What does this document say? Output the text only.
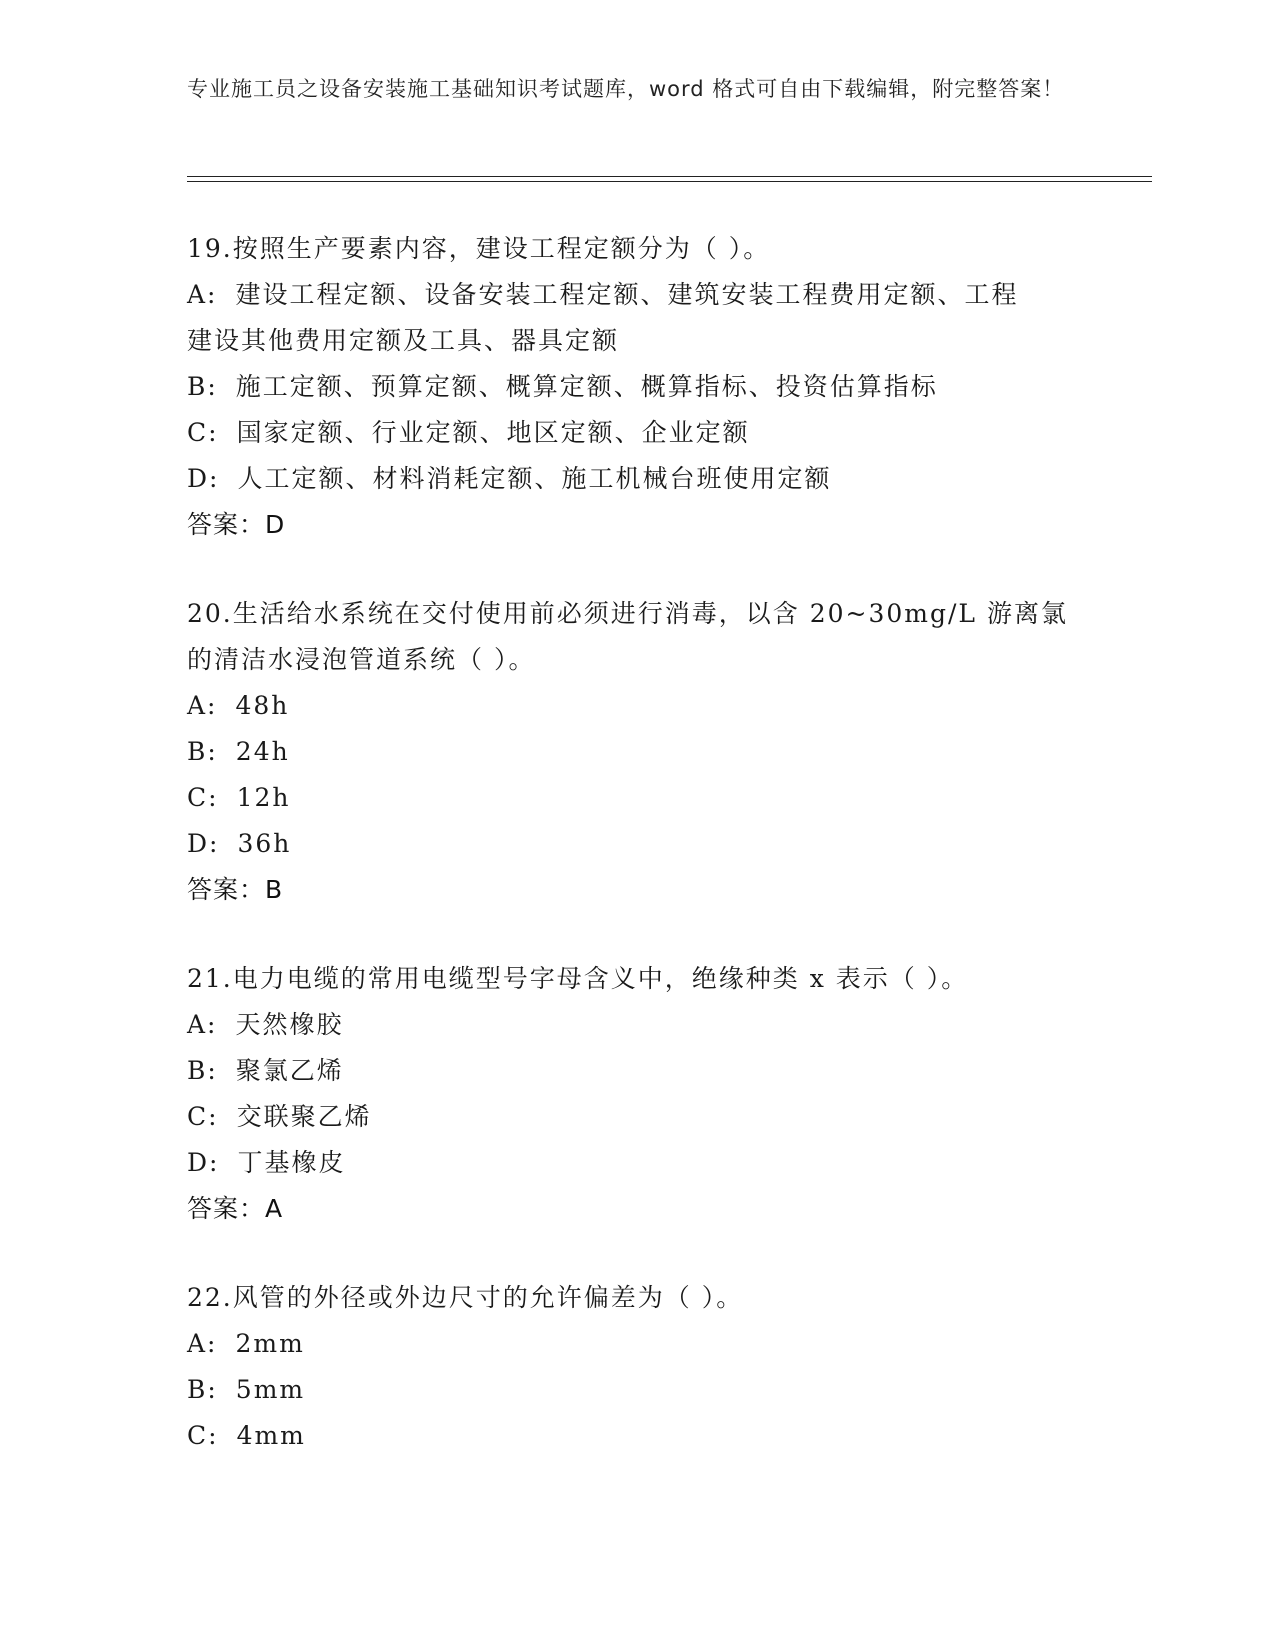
专业施工员之设备安装施工基础知识考试题库，word 格式可自由下载编辑，附完整答案！
19.按照生产要素内容，建设工程定额分为（ ）。
A: 建设工程定额、设备安装工程定额、建筑安装工程费用定额、工程
建设其他费用定额及工具、器具定额
B: 施工定额、预算定额、概算定额、概算指标、投资估算指标
C: 国家定额、行业定额、地区定额、企业定额
D: 人工定额、材料消耗定额、施工机械台班使用定额
答案：D
20.生活给水系统在交付使用前必须进行消毒，以含 20~30mg/L 游离氯
的清洁水浸泡管道系统（ ）。
A: 48h
B: 24h
C: 12h
D: 36h
答案：B
21.电力电缆的常用电缆型号字母含义中，绝缘种类 x 表示（ ）。
A: 天然橡胶
B: 聚氯乙烯
C: 交联聚乙烯
D: 丁基橡皮
答案：A
22.风管的外径或外边尺寸的允许偏差为（ ）。
A: 2mm
B: 5mm
C: 4mm
